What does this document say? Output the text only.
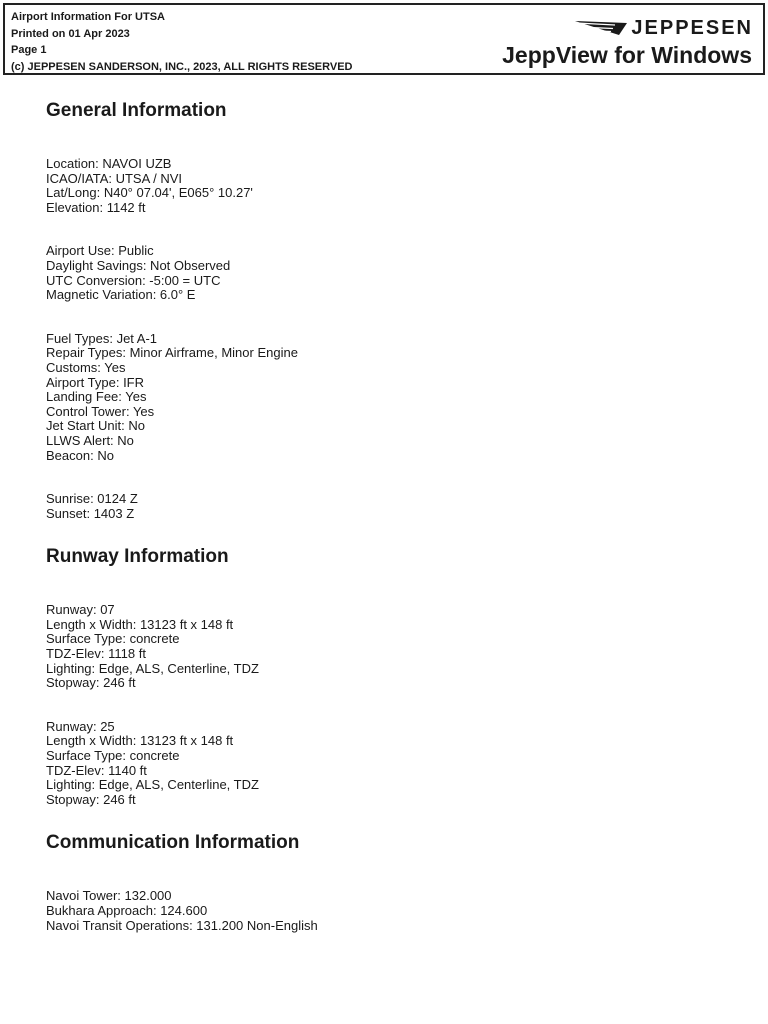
Airport Information For UTSA
Printed on 01 Apr 2023
Page 1
(c) JEPPESEN SANDERSON, INC., 2023, ALL RIGHTS RESERVED
JEPPESEN
JeppView for Windows
General Information
Location: NAVOI UZB
ICAO/IATA: UTSA / NVI
Lat/Long: N40° 07.04', E065° 10.27'
Elevation: 1142 ft
Airport Use: Public
Daylight Savings: Not Observed
UTC Conversion: -5:00 = UTC
Magnetic Variation: 6.0° E
Fuel Types: Jet A-1
Repair Types: Minor Airframe, Minor Engine
Customs: Yes
Airport Type: IFR
Landing Fee: Yes
Control Tower: Yes
Jet Start Unit: No
LLWS Alert: No
Beacon: No
Sunrise: 0124 Z
Sunset: 1403 Z
Runway Information
Runway: 07
Length x Width: 13123 ft x 148 ft
Surface Type: concrete
TDZ-Elev: 1118 ft
Lighting: Edge, ALS, Centerline, TDZ
Stopway: 246 ft
Runway: 25
Length x Width: 13123 ft x 148 ft
Surface Type: concrete
TDZ-Elev: 1140 ft
Lighting: Edge, ALS, Centerline, TDZ
Stopway: 246 ft
Communication Information
Navoi Tower: 132.000
Bukhara Approach: 124.600
Navoi Transit Operations: 131.200 Non-English
